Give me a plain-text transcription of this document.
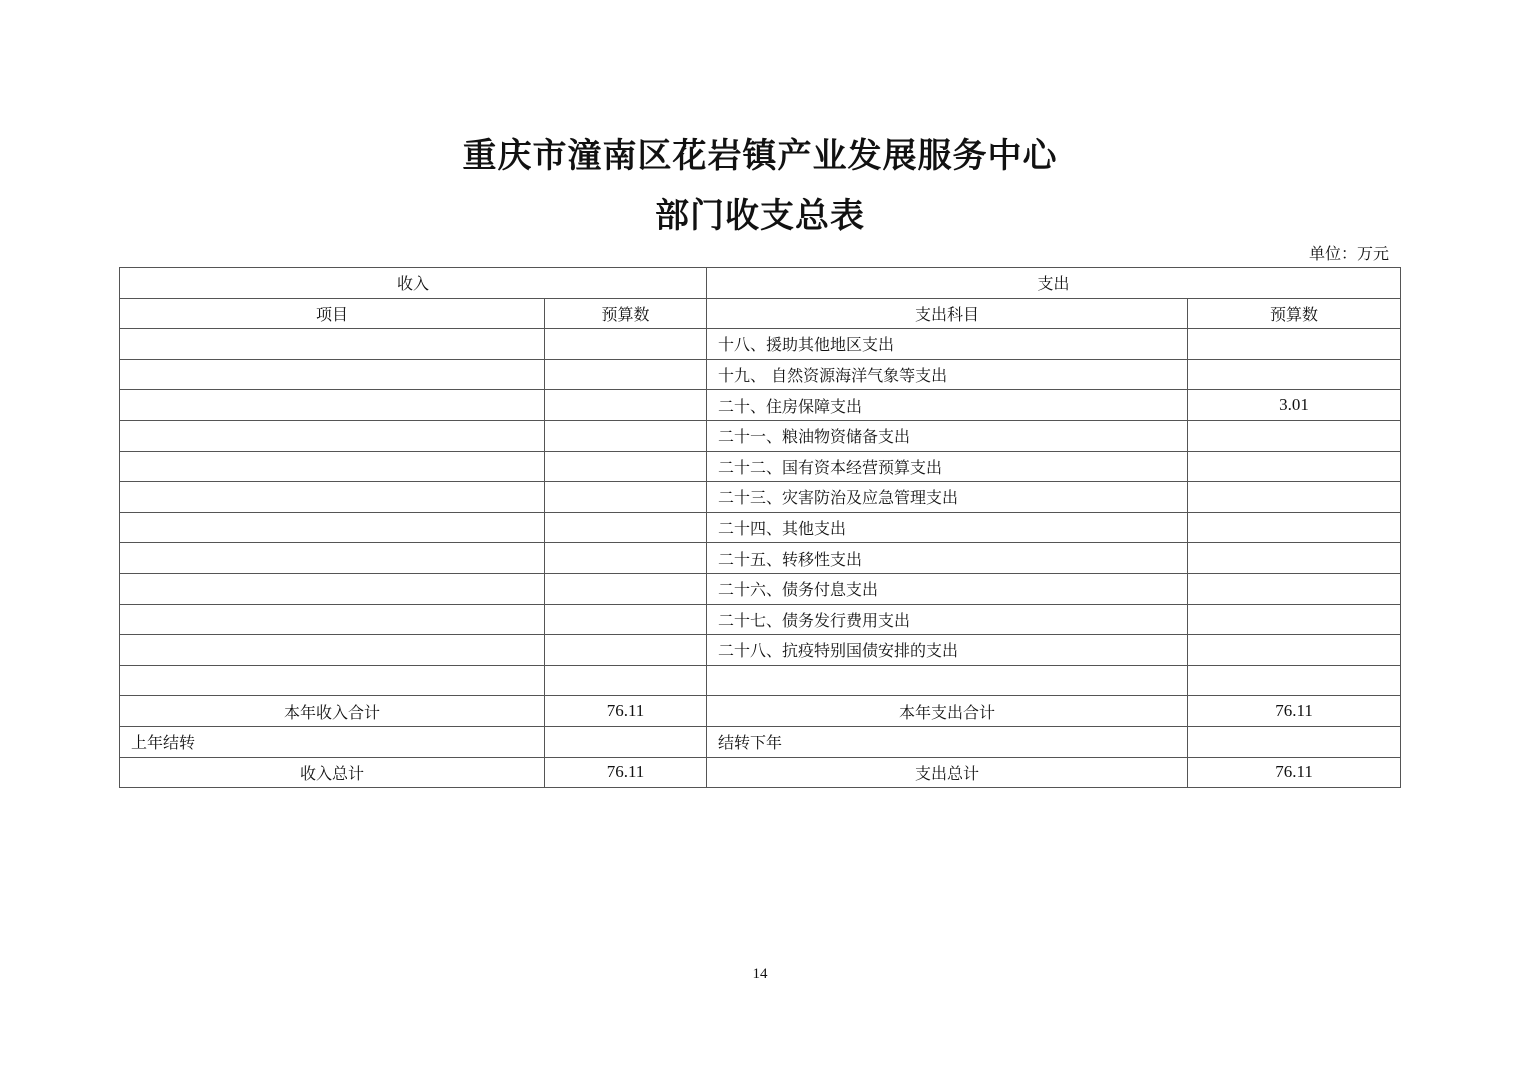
重庆市潼南区花岩镇产业发展服务中心
部门收支总表
单位：万元
收入		支出	
项目	预算数	支出科目	预算数
		十八、援助其他地区支出	
		十九、 自然资源海洋气象等支出	
		二十、住房保障支出	3.01
		二十一、粮油物资储备支出	
		二十二、国有资本经营预算支出	
		二十三、灾害防治及应急管理支出	
		二十四、其他支出	
		二十五、转移性支出	
		二十六、债务付息支出	
		二十七、债务发行费用支出	
		二十八、抗疫特别国债安排的支出	

本年收入合计	76.11	本年支出合计	76.11
上年结转		结转下年	
收入总计	76.11	支出总计	76.11
14
